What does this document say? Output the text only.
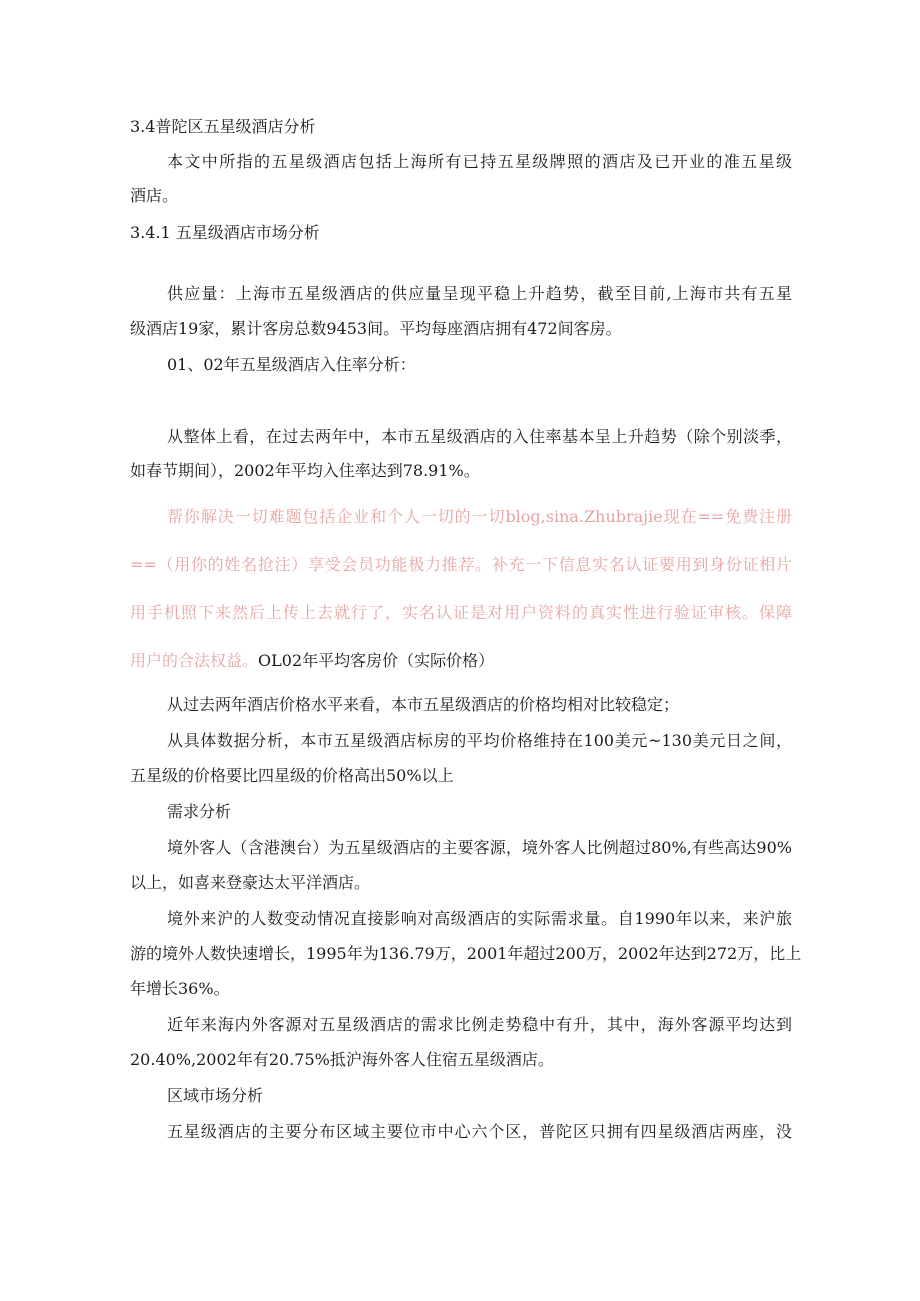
3.4普陀区五星级酒店分析
本文中所指的五星级酒店包括上海所有已持五星级牌照的酒店及已开业的准五星级
酒店。
3.4.1 五星级酒店市场分析
供应量：上海市五星级酒店的供应量呈现平稳上升趋势，截至目前,上海市共有五星
级酒店19家，累计客房总数9453间。平均每座酒店拥有472间客房。
01、02年五星级酒店入住率分析：
从整体上看，在过去两年中，本市五星级酒店的入住率基本呈上升趋势（除个别淡季，
如春节期间），2002年平均入住率达到78.91%。
帮你解决一切难题包括企业和个人一切的一切blog,sina.Zhubrajie现在==免费注册
==（用你的姓名抢注）享受会员功能极力推荐。补充一下信息实名认证要用到身份证相片
用手机照下来然后上传上去就行了，实名认证是对用户资料的真实性进行验证审核。保障
用户的合法权益。OL02年平均客房价（实际价格）
从过去两年酒店价格水平来看，本市五星级酒店的价格均相对比较稳定；
从具体数据分析，本市五星级酒店标房的平均价格维持在100美元~130美元日之间，
五星级的价格要比四星级的价格高出50%以上
需求分析
境外客人（含港澳台）为五星级酒店的主要客源，境外客人比例超过80%,有些高达90%
以上，如喜来登豪达太平洋酒店。
境外来沪的人数变动情况直接影响对高级酒店的实际需求量。自1990年以来，来沪旅
游的境外人数快速增长，1995年为136.79万，2001年超过200万，2002年达到272万，比上
年增长36%。
近年来海内外客源对五星级酒店的需求比例走势稳中有升，其中，海外客源平均达到
20.40%,2002年有20.75%抵沪海外客人住宿五星级酒店。
区域市场分析
五星级酒店的主要分布区域主要位市中心六个区，普陀区只拥有四星级酒店两座，没
